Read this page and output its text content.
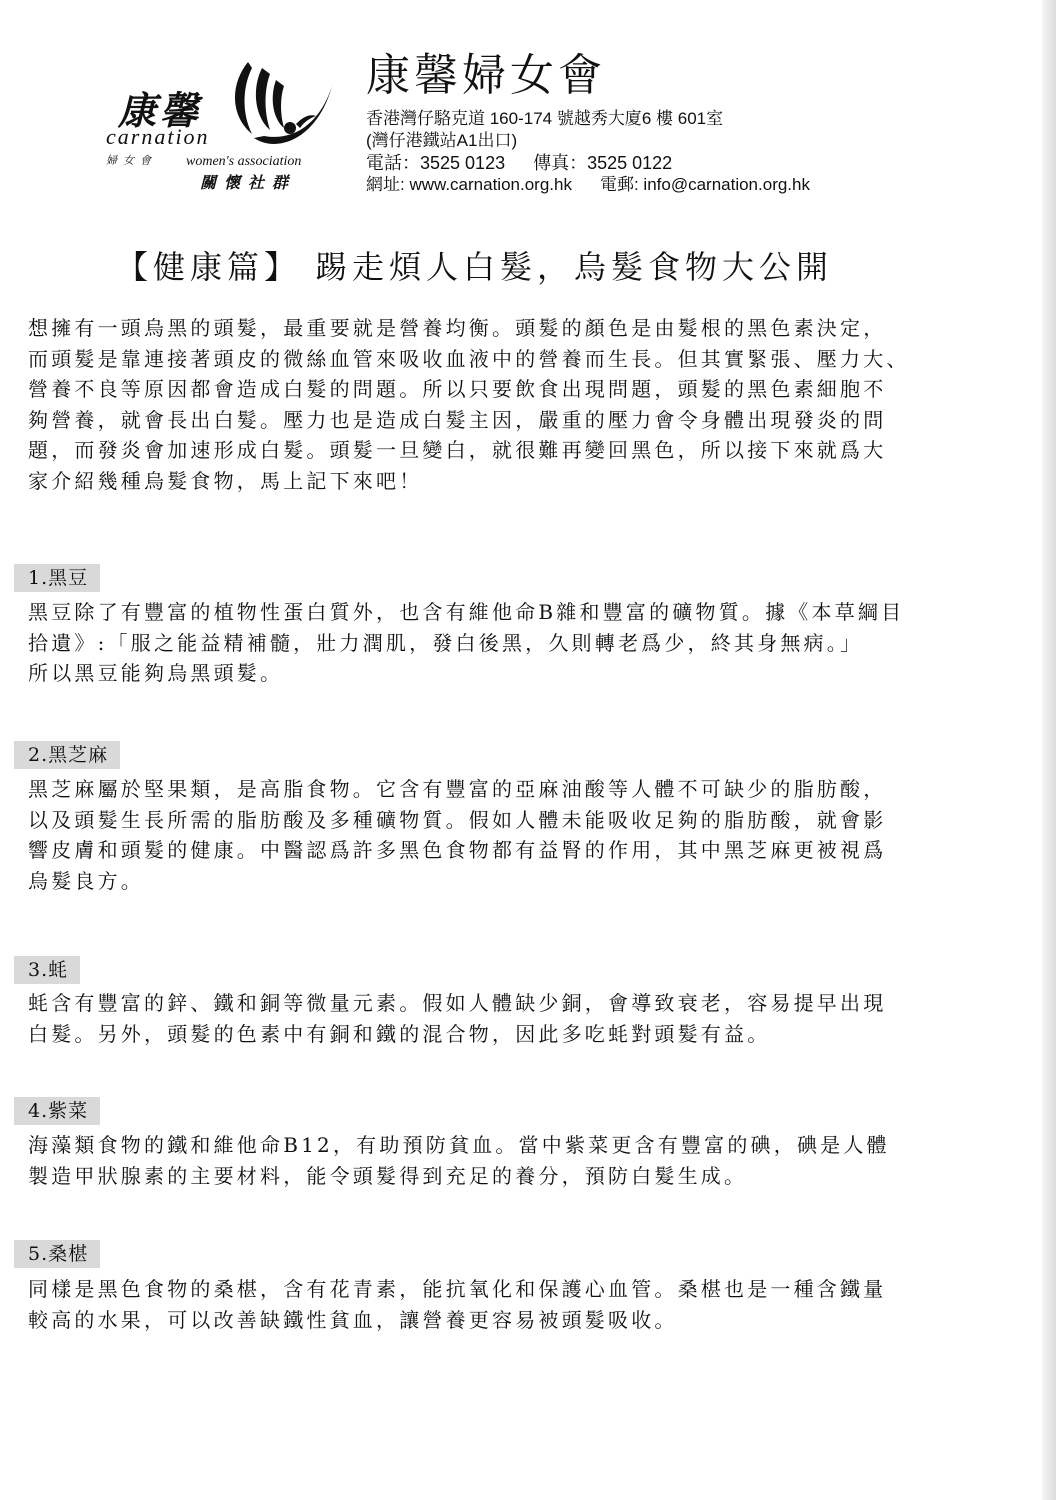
康馨
carnation
婦女會 women's association
關懷社群
康馨婦女會
香港灣仔駱克道 160-174 號越秀大廈6 樓 601室
(灣仔港鐵站A1出口)
電話：3525 0123 傳真：3525 0122
網址: www.carnation.org.hk 電郵: info@carnation.org.hk
【健康篇】 踢走煩人白髮，烏髮食物大公開

想擁有一頭烏黑的頭髮，最重要就是營養均衡。頭髮的顏色是由髮根的黑色素決定，
而頭髮是靠連接著頭皮的微絲血管來吸收血液中的營養而生長。但其實緊張、壓力大、
營養不良等原因都會造成白髮的問題。所以只要飲食出現問題，頭髮的黑色素細胞不
夠營養，就會長出白髮。壓力也是造成白髮主因，嚴重的壓力會令身體出現發炎的問
題，而發炎會加速形成白髮。頭髮一旦變白，就很難再變回黑色，所以接下來就爲大
家介紹幾種烏髮食物，馬上記下來吧！

1.黑豆

黑豆除了有豐富的植物性蛋白質外，也含有維他命B雜和豐富的礦物質。據《本草綱目
拾遺》:「服之能益精補髓，壯力潤肌，發白後黑，久則轉老爲少，終其身無病。」
所以黑豆能夠烏黑頭髮。

2.黑芝麻

黑芝麻屬於堅果類，是高脂食物。它含有豐富的亞麻油酸等人體不可缺少的脂肪酸，
以及頭髮生長所需的脂肪酸及多種礦物質。假如人體未能吸收足夠的脂肪酸，就會影
響皮膚和頭髮的健康。中醫認爲許多黑色食物都有益腎的作用，其中黑芝麻更被視爲
烏髮良方。

3.蚝

蚝含有豐富的鋅、鐵和銅等微量元素。假如人體缺少銅，會導致衰老，容易提早出現
白髮。另外，頭髮的色素中有銅和鐵的混合物，因此多吃蚝對頭髮有益。

4.紫菜

海藻類食物的鐵和維他命B12，有助預防貧血。當中紫菜更含有豐富的碘，碘是人體
製造甲狀腺素的主要材料，能令頭髮得到充足的養分，預防白髮生成。

5.桑椹

同樣是黑色食物的桑椹，含有花青素，能抗氧化和保護心血管。桑椹也是一種含鐵量
較高的水果，可以改善缺鐵性貧血，讓營養更容易被頭髮吸收。
